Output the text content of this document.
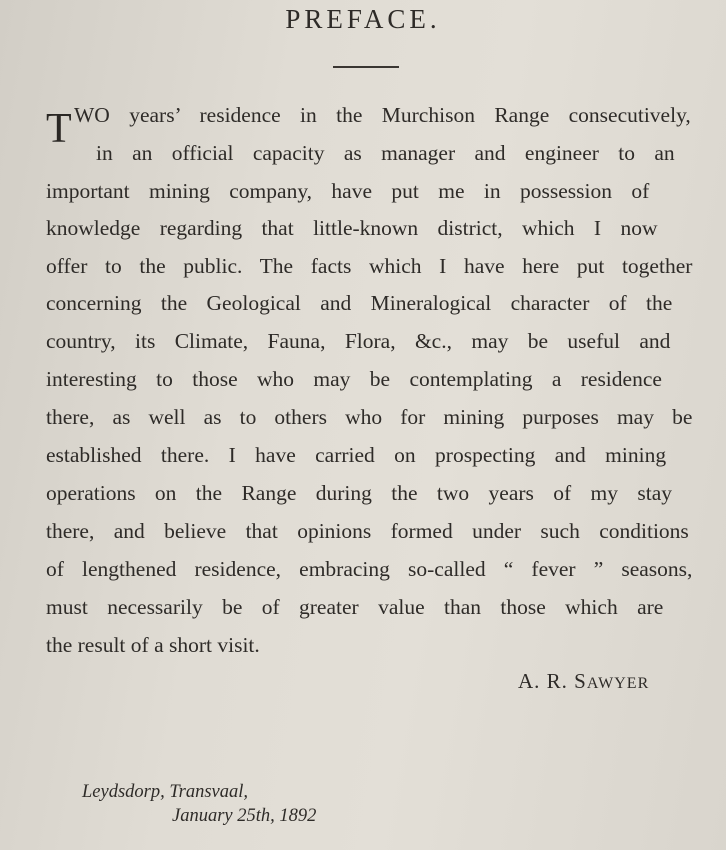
PREFACE.
T WO years’ residence in the Murchison Range consecutively,
in an official capacity as manager and engineer to an
important mining company, have put me in possession of
knowledge regarding that little-known district, which I now
offer to the public. The facts which I have here put together
concerning the Geological and Mineralogical character of the
country, its Climate, Fauna, Flora, &c., may be useful and
interesting to those who may be contemplating a residence
there, as well as to others who for mining purposes may be
established there. I have carried on prospecting and mining
operations on the Range during the two years of my stay
there, and believe that opinions formed under such conditions
of lengthened residence, embracing so-called “ fever ” seasons,
must necessarily be of greater value than those which are
the result of a short visit.
A. R. SAWYER
Leydsdorp, Transvaal,
January 25th, 1892
